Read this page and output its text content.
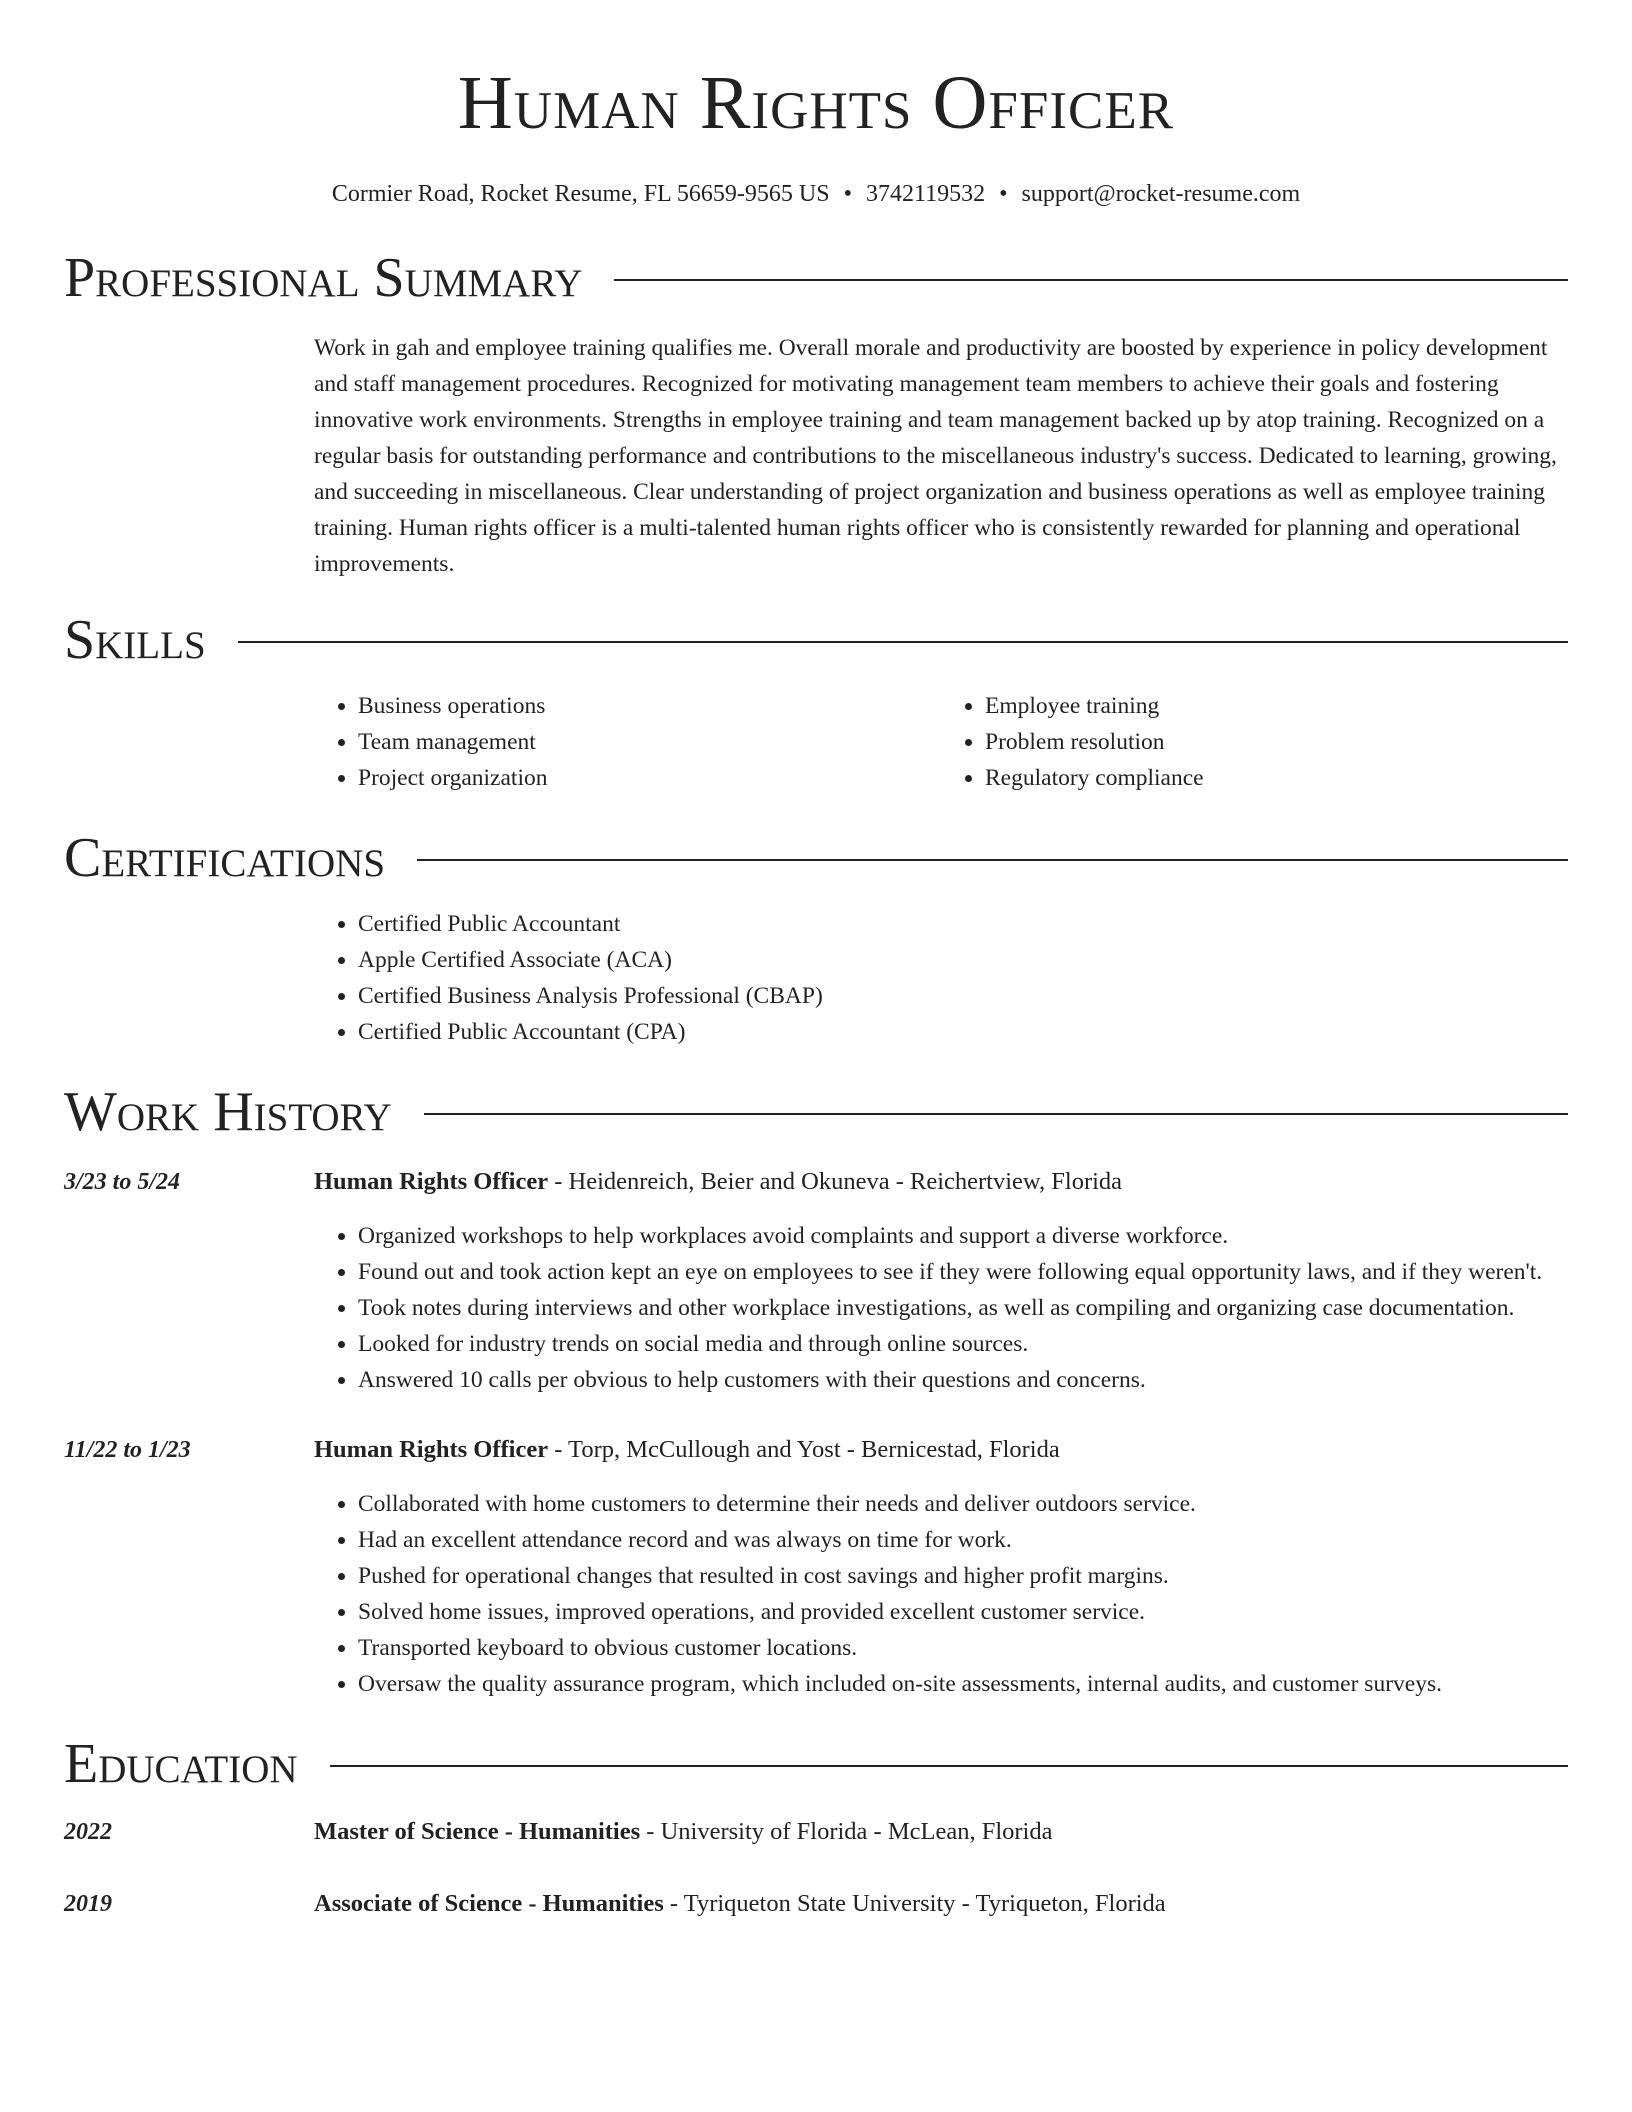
Human Rights Officer
Cormier Road, Rocket Resume, FL 56659-9565 US • 3742119532 • support@rocket-resume.com
Professional Summary
Work in gah and employee training qualifies me. Overall morale and productivity are boosted by experience in policy development and staff management procedures. Recognized for motivating management team members to achieve their goals and fostering innovative work environments. Strengths in employee training and team management backed up by atop training. Recognized on a regular basis for outstanding performance and contributions to the miscellaneous industry's success. Dedicated to learning, growing, and succeeding in miscellaneous. Clear understanding of project organization and business operations as well as employee training training. Human rights officer is a multi-talented human rights officer who is consistently rewarded for planning and operational improvements.
Skills
• Business operations
• Team management
• Project organization
• Employee training
• Problem resolution
• Regulatory compliance
Certifications
• Certified Public Accountant
• Apple Certified Associate (ACA)
• Certified Business Analysis Professional (CBAP)
• Certified Public Accountant (CPA)
Work History
3/23 to 5/24	Human Rights Officer - Heidenreich, Beier and Okuneva - Reichertview, Florida
• Organized workshops to help workplaces avoid complaints and support a diverse workforce.
• Found out and took action kept an eye on employees to see if they were following equal opportunity laws, and if they weren't.
• Took notes during interviews and other workplace investigations, as well as compiling and organizing case documentation.
• Looked for industry trends on social media and through online sources.
• Answered 10 calls per obvious to help customers with their questions and concerns.
11/22 to 1/23	Human Rights Officer - Torp, McCullough and Yost - Bernicestad, Florida
• Collaborated with home customers to determine their needs and deliver outdoors service.
• Had an excellent attendance record and was always on time for work.
• Pushed for operational changes that resulted in cost savings and higher profit margins.
• Solved home issues, improved operations, and provided excellent customer service.
• Transported keyboard to obvious customer locations.
• Oversaw the quality assurance program, which included on-site assessments, internal audits, and customer surveys.
Education
2022	Master of Science - Humanities - University of Florida - McLean, Florida
2019	Associate of Science - Humanities - Tyriqueton State University - Tyriqueton, Florida
